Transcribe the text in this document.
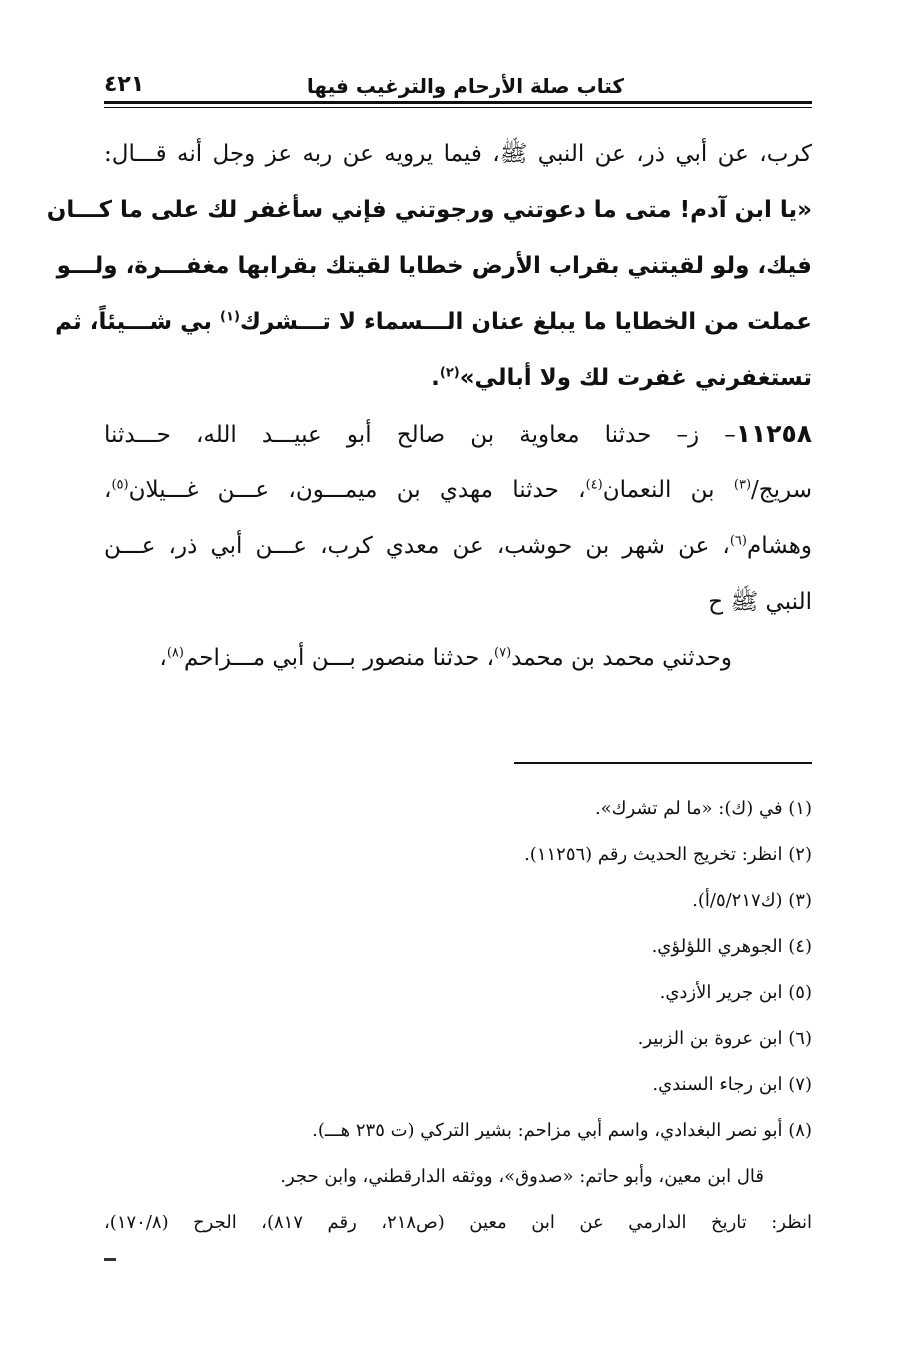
كتاب صلة الأرحام والترغيب فيها
٤٢١
كرب، عن أبي ذر، عن النبي ﷺ، فيما يرويه عن ربه عز وجل أنه قـــال:
«يا ابن آدم! متى ما دعوتني ورجوتني فإني سأغفر لك على ما كـــان
فيك، ولو لقيتني بقراب الأرض خطايا لقيتك بقرابها مغفـــرة، ولـــو
عملت من الخطايا ما يبلغ عنان الـــسماء لا تـــشرك$^{(١)}$ بي شـــيئاً، ثم
تستغفرني غفرت لك ولا أبالي»$^{(٢)}$.
١١٢٥٨– ز– حدثنا معاوية بن صالح أبو عبيـــد الله، حـــدثنا
سريج/$^{(٣)}$ بن النعمان$^{(٤)}$، حدثنا مهدي بن ميمـــون، عـــن غـــيلان$^{(٥)}$،
وهشام$^{(٦)}$، عن شهر بن حوشب، عن معدي كرب، عـــن أبي ذر، عـــن
النبي ﷺ ح
وحدثني محمد بن محمد$^{(٧)}$، حدثنا منصور بـــن أبي مـــزاحم$^{(٨)}$،
(١) في (ك): «ما لم تشرك».
(٢) انظر: تخريج الحديث رقم (١١٢٥٦).
(٣) (ك٥/٢١٧/أ).
(٤) الجوهري اللؤلؤي.
(٥) ابن جرير الأزدي.
(٦) ابن عروة بن الزبير.
(٧) ابن رجاء السندي.
(٨) أبو نصر البغدادي، واسم أبي مزاحم: بشير التركي (ت ٢٣٥ هـــ).
قال ابن معين، وأبو حاتم: «صدوق»، ووثقه الدارقطني، وابن حجر.
انظر: تاريخ الدارمي عن ابن معين (ص٢١٨، رقم ٨١٧)، الجرح (١٧٠/٨)،
